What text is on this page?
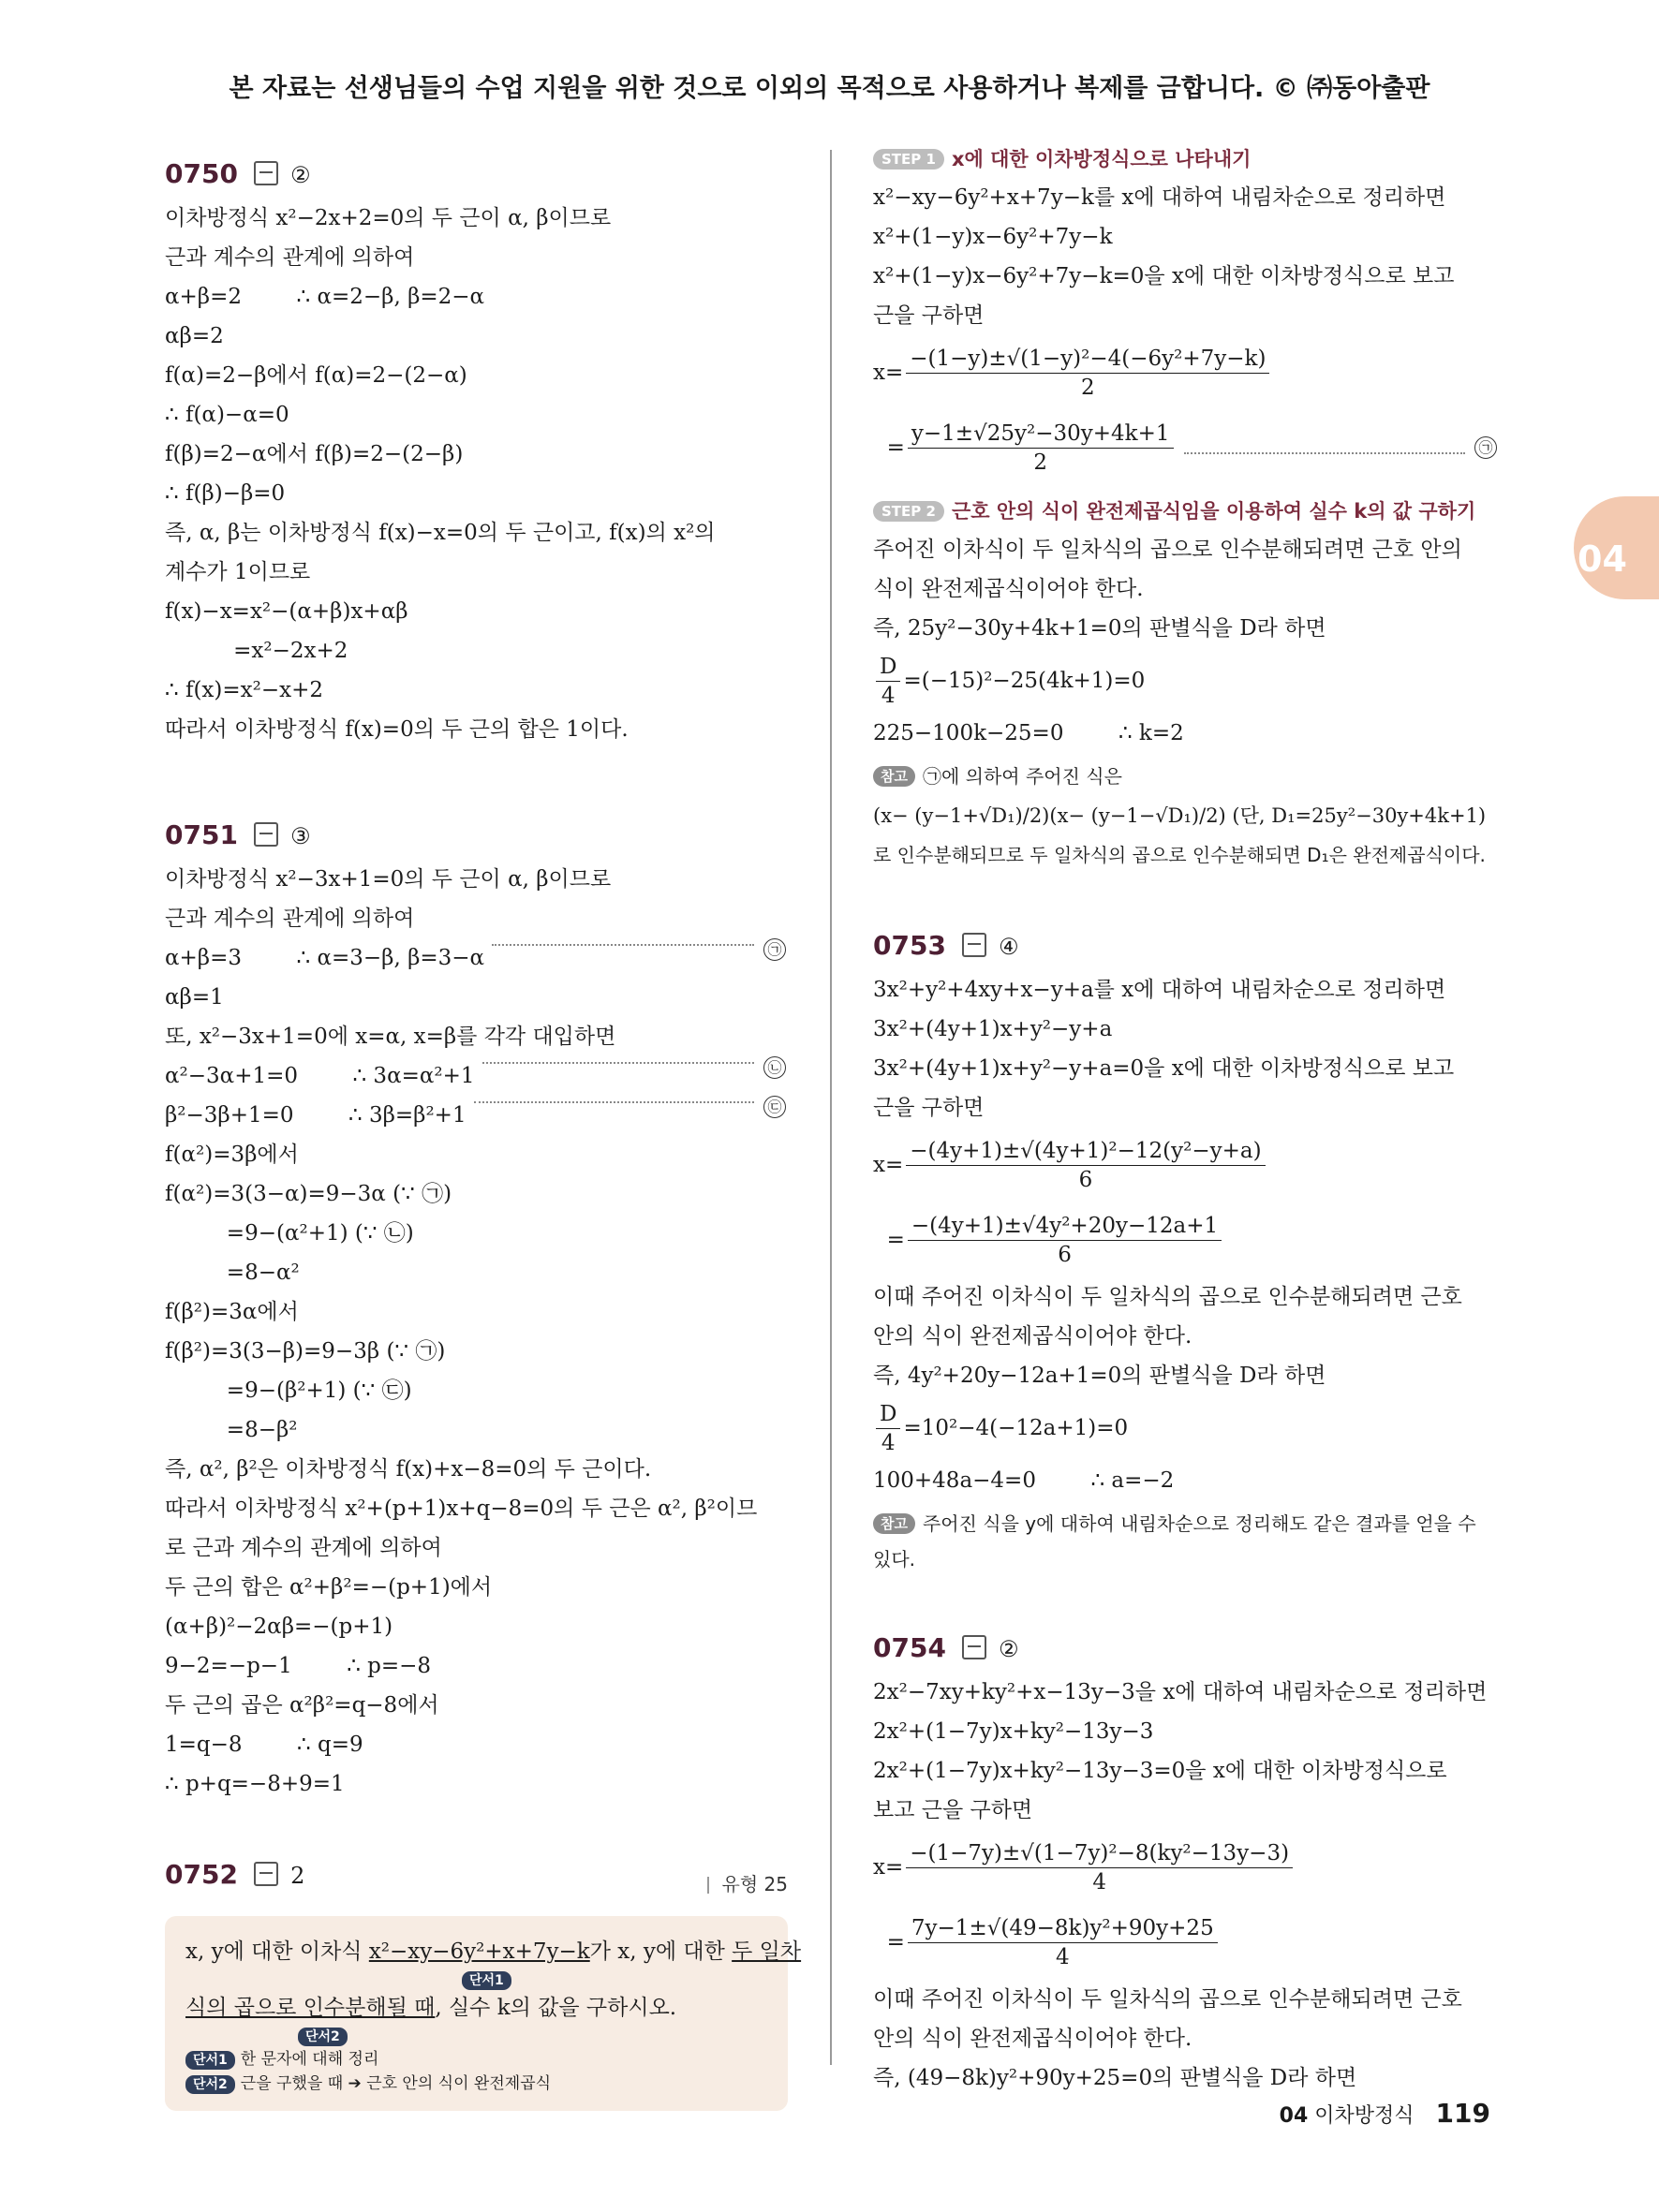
본 자료는 선생님들의 수업 지원을 위한 것으로 이외의 목적으로 사용하거나 복제를 금합니다. © ㈜동아출판
04
0750 ②
이차방정식 x²−2x+2=0의 두 근이 α, β이므로
근과 계수의 관계에 의하여
α+β=2        ∴ α=2−β, β=2−α
αβ=2
f(α)=2−β에서 f(α)=2−(2−α)
∴ f(α)−α=0
f(β)=2−α에서 f(β)=2−(2−β)
∴ f(β)−β=0
즉, α, β는 이차방정식 f(x)−x=0의 두 근이고, f(x)의 x²의
계수가 1이므로
f(x)−x=x²−(α+β)x+αβ
=x²−2x+2
∴ f(x)=x²−x+2
따라서 이차방정식 f(x)=0의 두 근의 합은 1이다.
0751 ③
이차방정식 x²−3x+1=0의 두 근이 α, β이므로
근과 계수의 관계에 의하여
α+β=3        ∴ α=3−β, β=3−α	㉠
αβ=1
또, x²−3x+1=0에 x=α, x=β를 각각 대입하면
α²−3α+1=0        ∴ 3α=α²+1	㉡
β²−3β+1=0        ∴ 3β=β²+1	㉢
f(α²)=3β에서
f(α²)=3(3−α)=9−3α (∵ ㉠)
=9−(α²+1) (∵ ㉡)
=8−α²
f(β²)=3α에서
f(β²)=3(3−β)=9−3β (∵ ㉠)
=9−(β²+1) (∵ ㉢)
=8−β²
즉, α², β²은 이차방정식 f(x)+x−8=0의 두 근이다.
따라서 이차방정식 x²+(p+1)x+q−8=0의 두 근은 α², β²이므
로 근과 계수의 관계에 의하여
두 근의 합은 α²+β²=−(p+1)에서
(α+β)²−2αβ=−(p+1)
9−2=−p−1        ∴ p=−8
두 근의 곱은 α²β²=q−8에서
1=q−8        ∴ q=9
∴ p+q=−8+9=1
0752 2	유형 25
x, y에 대한 이차식 x²−xy−6y²+x+7y−k가 x, y에 대한 두 일차
단서1
식의 곱으로 인수분해될 때, 실수 k의 값을 구하시오.
단서2
단서1 한 문자에 대해 정리
단서2 근을 구했을 때 ➔ 근호 안의 식이 완전제곱식
STEP 1 x에 대한 이차방정식으로 나타내기
x²−xy−6y²+x+7y−k를 x에 대하여 내림차순으로 정리하면
x²+(1−y)x−6y²+7y−k
x²+(1−y)x−6y²+7y−k=0을 x에 대한 이차방정식으로 보고
근을 구하면
$x= \frac{\text{−(1−y)±√(1−y)²−4(−6y²+7y−k)}}{2}$
= $\frac{\text{y−1±√25y²−30y+4k+1}}{2}$	㉠
STEP 2 근호 안의 식이 완전제곱식임을 이용하여 실수 k의 값 구하기
주어진 이차식이 두 일차식의 곱으로 인수분해되려면 근호 안의
식이 완전제곱식이어야 한다.
즉, 25y²−30y+4k+1=0의 판별식을 D라 하면
$\frac{D}{4} =(-15)^2-25(4k+1)=0$
225−100k−25=0        ∴ k=2
참고 ㉠에 의하여 주어진 식은
(x− (y−1+√D₁)/2)(x− (y−1−√D₁)/2) (단, D₁=25y²−30y+4k+1)
로 인수분해되므로 두 일차식의 곱으로 인수분해되면 D₁은 완전제곱식이다.
0753 ④
3x²+y²+4xy+x−y+a를 x에 대하여 내림차순으로 정리하면
3x²+(4y+1)x+y²−y+a
3x²+(4y+1)x+y²−y+a=0을 x에 대한 이차방정식으로 보고
근을 구하면
$x= \frac{\text{−(4y+1)±√(4y+1)²−12(y²−y+a)}}{6}$
= $\frac{\text{−(4y+1)±√4y²+20y−12a+1}}{6}$
이때 주어진 이차식이 두 일차식의 곱으로 인수분해되려면 근호
안의 식이 완전제곱식이어야 한다.
즉, 4y²+20y−12a+1=0의 판별식을 D라 하면
$\frac{D}{4} =10^2-4(-12a+1)=0$
100+48a−4=0        ∴ a=−2
참고 주어진 식을 y에 대하여 내림차순으로 정리해도 같은 결과를 얻을 수
있다.
0754 ②
2x²−7xy+ky²+x−13y−3을 x에 대하여 내림차순으로 정리하면
2x²+(1−7y)x+ky²−13y−3
2x²+(1−7y)x+ky²−13y−3=0을 x에 대한 이차방정식으로
보고 근을 구하면
$x= \frac{\text{−(1−7y)±√(1−7y)²−8(ky²−13y−3)}}{4}$
= $\frac{\text{7y−1±√(49−8k)y²+90y+25}}{4}$
이때 주어진 이차식이 두 일차식의 곱으로 인수분해되려면 근호
안의 식이 완전제곱식이어야 한다.
즉, (49−8k)y²+90y+25=0의 판별식을 D라 하면
04 이차방정식 119
